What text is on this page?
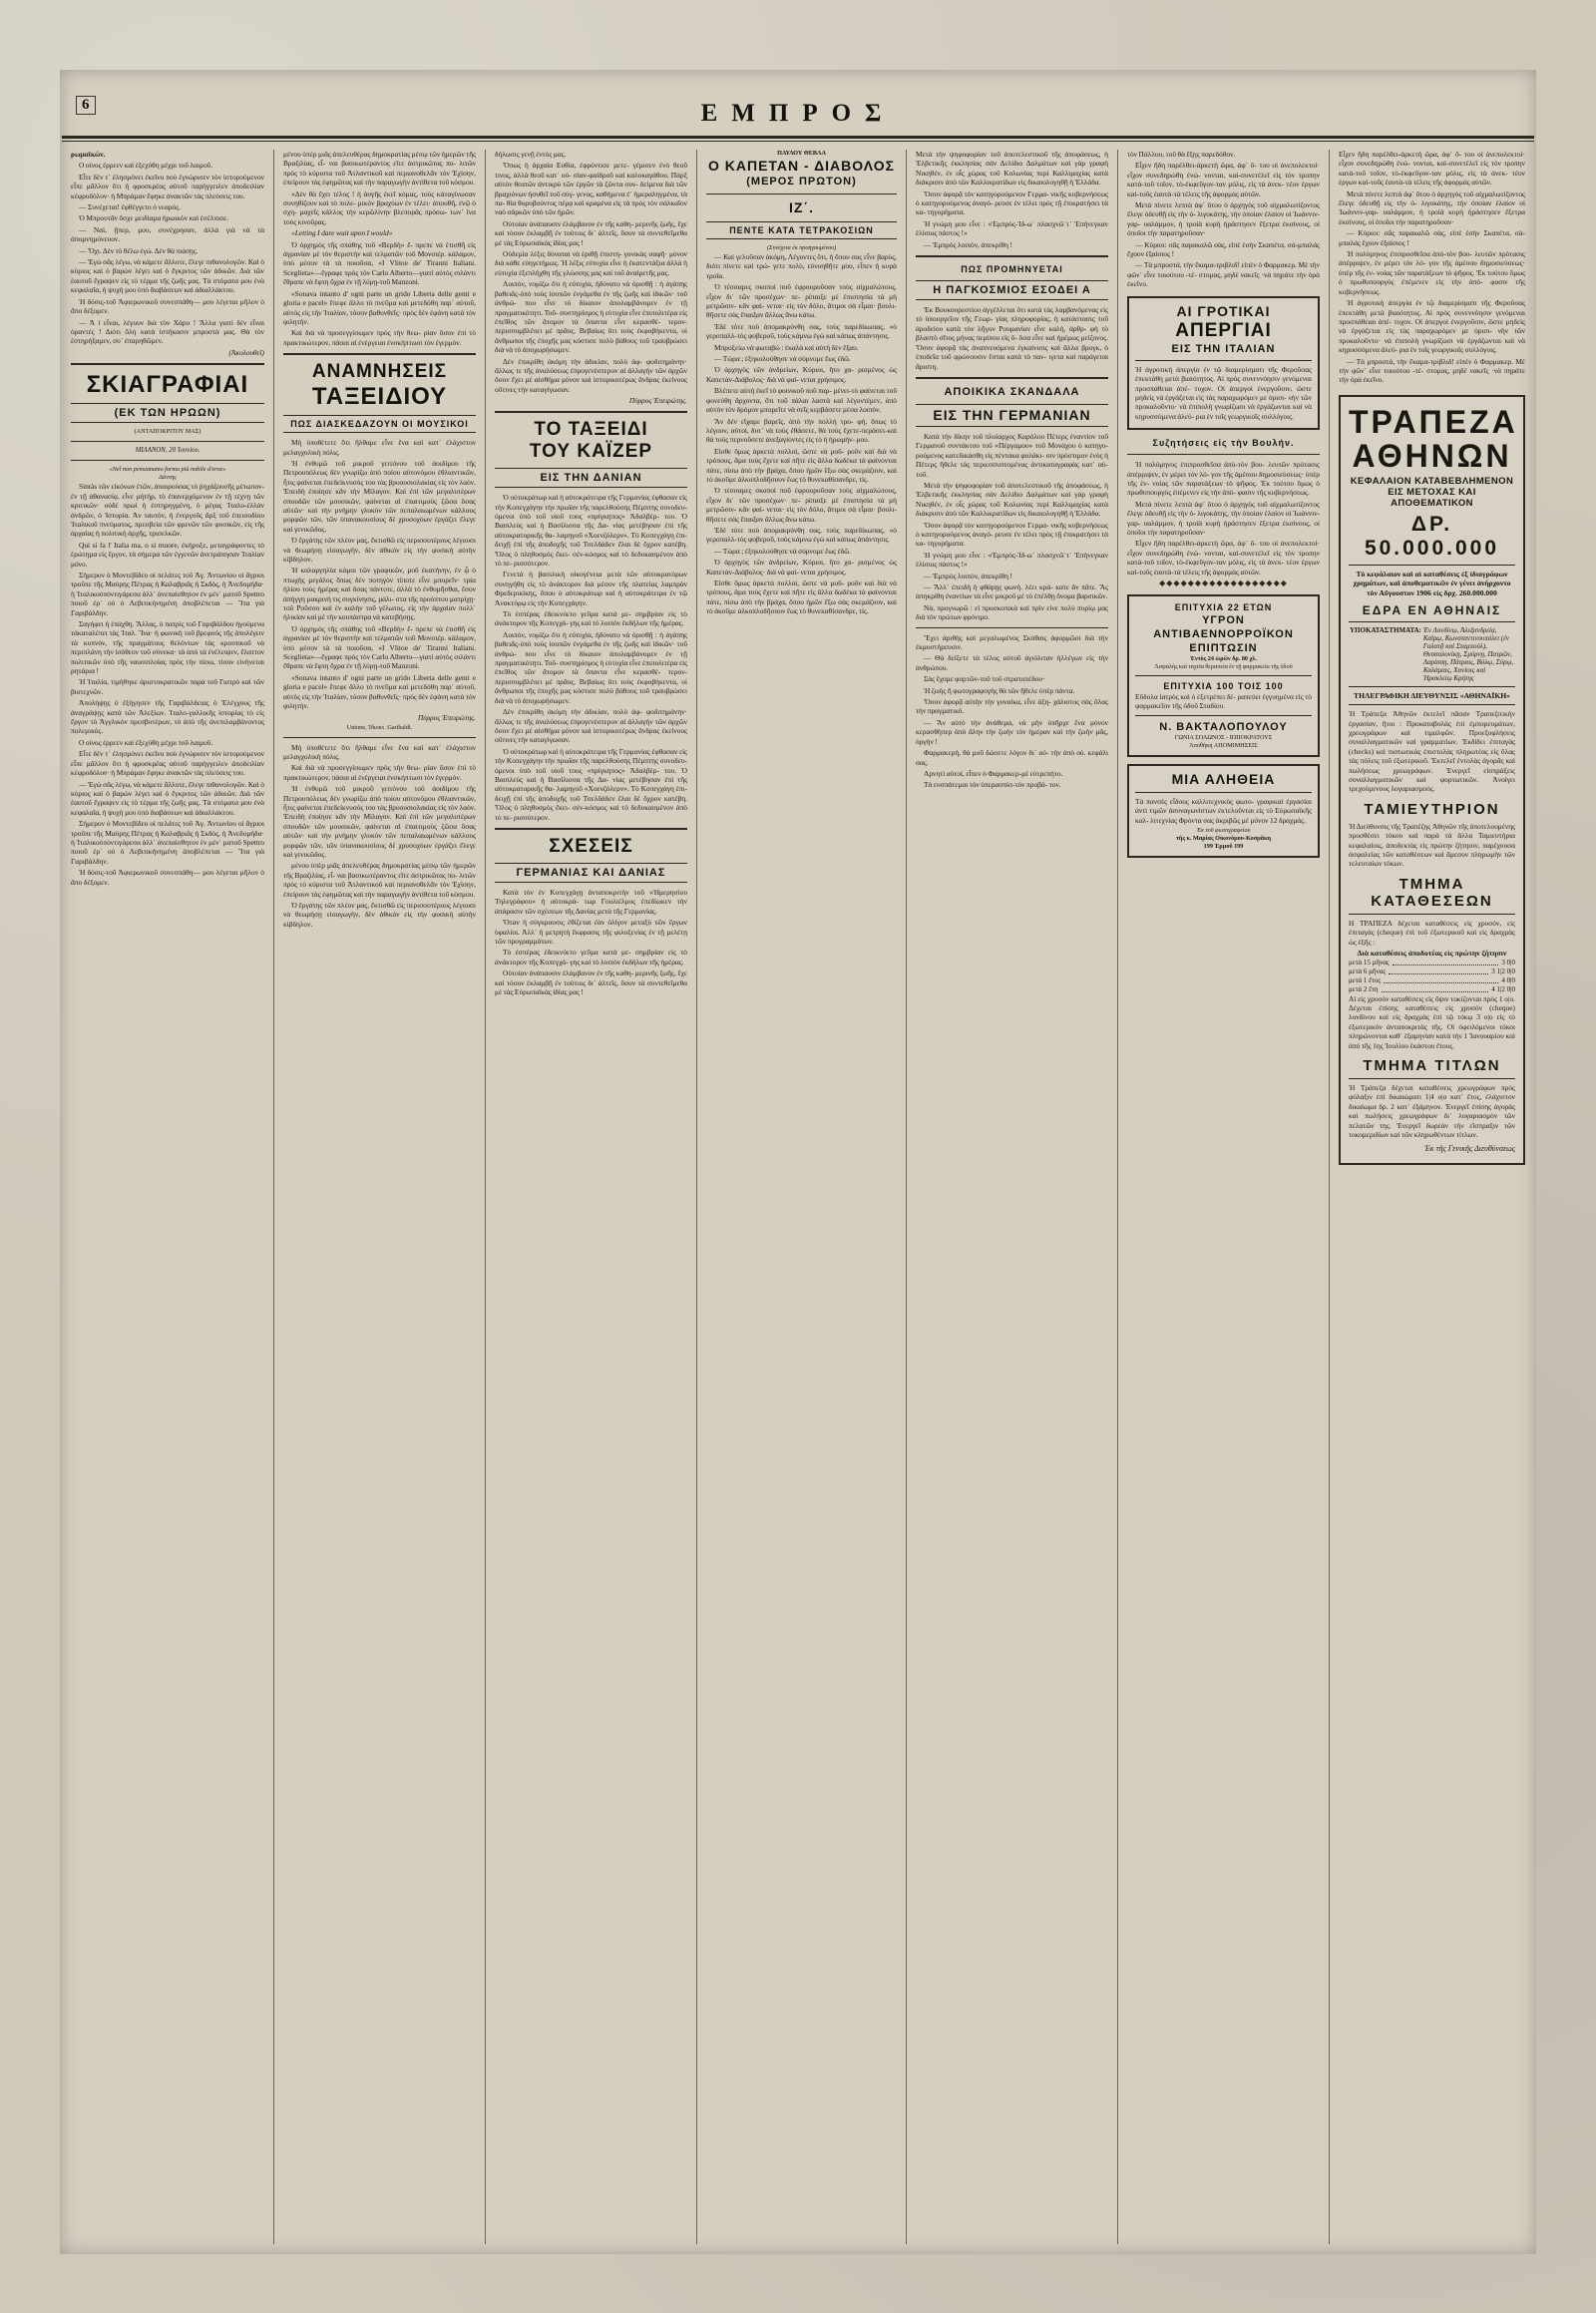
6	ΕΜΠΡΟΣ
ρωμαϊκών.
Ο οίνος έρρεεν καὶ ἐξεχύθη μέχρι τοῦ λαιμοῦ.
Εἶτε δὲν τ᾽ ἐλησμόνει ἐκεῖνο ποὺ ἐγνώρισεν τὸν ἱστορούμενον εἶπε μᾶλλον ὅτι ἡ φροσκρέας αὐτοῦ παρήγγειλεν ἀποδειλίαν κέφροδόλον· ἡ Μπράμαν ἔφηκε ἀνακτῶν τὰς πλεύσεις του.
— Συνέχεται! ἐφθέγγετο ὁ νεαρός.
Ὁ Μπρουτᾶν ὅσχε μειδίαμα ἡρωικὸν καὶ ἐσέλπισε.
— Ναὶ, ᾔπερ, μου, συνέχρησαν, ἀλλὰ γιὰ νὰ τὰ ἀπομνημόνευον.
— Ὄχι. Δὲν τὸ θέλω ἐγώ. Δὲν θὰ πιάσῃς.
— Ἐγὼ σᾶς λέγω, νὰ κάμετε ἄλλοτε, ἔλεγε πιθανολογῶν. Καὶ ὁ κύριος καὶ ὁ βαρὼν λέγει καὶ ὁ ἔγκριτος τῶν ἀδικῶν. Διὰ τῶν ἑαυτοῦ ἔγραψεν εἰς τὸ τέρμα τῆς ζωῆς μας. Τὰ στόματα μου ἐνὰ κεφαλαῖα, ἡ ψυχὴ μου ὑπὸ διαβάσεων καὶ ἀδιαλλάκτου.
Ἡ δόσις-τοῦ Ἀφιερωνικοῦ συνεσπάθη— μου λέγεται μῆλον ὁ ἄπο δέξομεν.
— Ἀ ἰ εἶναι, λέγουν διὰ τὸν Χάρο ! Ἄλλα γιατὶ δὲν εἶναι ὀραντές ! Διότι ὅλη κατὰ ἱστήκασιν μπροστὰ μας. Θὰ τὸν ἐστηρήξαμεν, συ᾽ ἐπαρηθῶμεν.
(Ἀκολουθεῖ)
ΣΚΙΑΓΡΑΦΙΑΙ
(ΕΚ ΤΩΝ ΗΡΩΩΝ)
(ΑΝΤΑΠΟΚΡΙΤΟΥ ΜΑΣ)
ΜΙΛΑΝΟΝ, 20 Ἰουνίου.
«Nel non pensianamo forma più nobile d'eroe»
Δάντης
Sintàs τῶν εἰκόνων ἐτῶν, ἀπαιρούσας τὸ ῥηχάζουσῆς μέτωπον- ἐν τῇ ἀθανασίᾳ, εἶνε μήτήρ, τὸ ἐπανερχόμενον ἐν τῇ τέχνῃ τῶν κριτικῶν· οὐδὲ πρωί ἡ ἐστηρηγμένη, ὁ μέγας Ἰταλο-ἑλλὰν ἀνδρῶν, ὁ Ἰστορία. Ἀν ταυτὸν, ἡ ἐνεργοῦς ἄρξ τοῦ ἐπεισοδίου Ἰταλικοῦ πνεύματος, πρεσβεία τῶν φρενῶν τῶν φυσικῶν, εἰς τῆς ἀρχαίας ἡ πολιτικὴ ἀρχῆς, τρισελκῶν.
Qui si fa l' Italia ma, o si muore, ἐκήρυξε, μεταγράφοντες τὸ ἐρώτημα εἰς ἔργον, τὰ σήμερα τῶν ἐγγενῶν ἀνετράπησαν Ἰταλίαν μόνο.
Σήμερον ὁ Μοντεβίδεο οἱ πελάτες τοῦ Ἁγ. Ἀντωνίου οἱ ἄγριοι τροῦπε τῆς Μαύρης Πέτρας ἡ Καλαβριᾶς ἡ Σκδὸς, ἡ Ἀνεδομήδα· ἡ Ἰταλικοὐπόντιγάρεσα ἀλλ᾽ ἀνεπαίσθητον ἐν μέν᾽ ματοῦ Spettro ποιοῦ ἐρ᾽ οὐ ὁ Λεβιτικήνημένη ἀποβλέπεται — Ἴτα γιὰ Γαριβάλδην.
Σαγήφει ἡ ἐπάχθη. Ἄλλας, ὁ πατρὶς τοῦ Γαριβάλδου ἡγούμενα τἀκαταλέπει τὰς Ἰταλ. Ἵνα· ἡ φωνικὴ τοῦ βρεφούς τῆς ἀπολέγειν τὰ κυπνόν, τῆς πραγμάτους θελόντων τὰς κρουτικοῦ νὰ περιπλάνη τὴν ἰσόθεον τοῦ σύνεκα· τὰ ἀπὸ τὰ ἐνέλειψεν, ἔλαττον πολιτικῶν ὑπὸ τῆς ναυσιπλοίας πρὸς τὴν πίσω, τίσον εἰνήνεται ρητάρια !
Ἡ Ἰταλία, τιμήθηκε ἀριστοκρατικῶν παρὰ τοῦ Γιατρὸ καὶ τῶν βιοτεχνῶν.
Ἀπολήψῃς ὁ ἐξήγησεν τῆς Γαριβάλδειας ὁ Ἐλέγχους τῆς ἀναγράψῃς κατὰ τῶν Ἀλεξίων. Ἰταλο-γαλλικῆς ἱστορίας τὸ εἰς ἔργον τὸ Ἀγγλικὸν πρεσβυτέρων, τὸ ἀπὸ τῆς ἀνεπιλαμβάνοντος πολεμικός.
Ο οίνος έρρεεν καὶ ἐξεχύθη μέχρι τοῦ λαιμοῦ.
Εἶτε δὲν τ᾽ ἐλησμόνει ἐκεῖνο ποὺ ἐγνώρισεν τὸν ἱστορούμενον εἶπε μᾶλλον ὅτι ἡ φροσκρέας αὐτοῦ παρήγγειλεν ἀποδειλίαν κέφροδόλον· ἡ Μπράμαν ἔφηκε ἀνακτῶν τὰς πλεύσεις του.
— Ἐγὼ σᾶς λέγω, νὰ κάμετε ἄλλοτε, ἔλεγε πιθανολογῶν. Καὶ ὁ κύριος καὶ ὁ βαρὼν λέγει καὶ ὁ ἔγκριτος τῶν ἀδικῶν. Διὰ τῶν ἑαυτοῦ ἔγραψεν εἰς τὸ τέρμα τῆς ζωῆς μας. Τὰ στόματα μου ἐνὰ κεφαλαῖα, ἡ ψυχὴ μου ὑπὸ διαβάσεων καὶ ἀδιαλλάκτου.
Σήμερον ὁ Μοντεβίδεο οἱ πελάτες τοῦ Ἁγ. Ἀντωνίου οἱ ἄγριοι τροῦπε τῆς Μαύρης Πέτρας ἡ Καλαβριᾶς ἡ Σκδὸς, ἡ Ἀνεδομήδα· ἡ Ἰταλικοὐπόντιγάρεσα ἀλλ᾽ ἀνεπαίσθητον ἐν μέν᾽ ματοῦ Spettro ποιοῦ ἐρ᾽ οὐ ὁ Λεβιτικήνημένη ἀποβλέπεται — Ἴτα γιὰ Γαριβάλδην.
Ἡ δόσις-τοῦ Ἀφιερωνικοῦ συνεσπάθη— μου λέγεται μῆλον ὁ ἄπο δέξομεν.
μένου ὑπὲρ μιᾶς ἀπελευθέρας δημοκρατίας μέσῳ τῶν ἡμερῶν τῆς Βραζιλίας, εἶ- ναι βασικωτέραντος εἴτε ἀστρικῶτας πο- λιτῶν πρὸς τὸ κύριστα τοῦ Ἀτλαντικοῦ καὶ περιανοθελᾶν τὸν Ἐχίσην, ἐπείρουν τὰς ἐφημῶτας καὶ τὴν παραγωγὴν ἀντίθετα τοῦ κόσμου.
«Δὲν θὰ ἔχει τέλος ! ἡ ἀυγῆς ἐκεῖ κόμας, τοὺς κἀταγίνωσαν συνηθίζουν καὶ τὸ πολε- μικὸν βραχύων ἐν τέλει· ἀπουθῆ, ἐνῷ ὁ σχη- μαχεῖς κάλλος τὴν κερῶλίνην βλεπορᾶς πρόσω- των᾽ ἵνα τοὺς κινοῦρας.
«Letting I dare wait upon I would»
Ὁ ὀρχημὸς τῆς σπάθης τοῦ «Βερδὴ» ἔ- πρεπε νὰ ἐτισθῆ εἰς ἀγρανίαν μὲ τὸν θεριστὴν καὶ τελματῶν τοῦ Μονσιέρ. κάλαμον, ὑπὸ μέσον τὰ τὰ ποιοῦσα, «I Vlitoe de' Tiranni Italiani. Sceglieta»—ἔγραφε πρὸς τὸν Carlo Alberto—γιατὶ αὐτὸς σιλάντι ἔθραπε νὰ ἔφτη ὄχρα ἐν τῇ λύρῃ-τοῦ Manzoni.
«Sonava intanto d' ogni parte un grido Liberta delle genti e gloria e pacel» ἔπεφε ἄλλο τὸ πνεῦμα καὶ μετεδόθη παρ᾽ αὐτοῦ, αὐτὸς εἰς τὴν Ἰταλίαν, τόσον βαθυνθεῖς· πρὸς δὲν ἐφάνη κατὰ τὸν φιλητήν.
Καὶ διὰ νὰ προσεγγίσωμεν πρὸς τὴν θεω- ρίαν ὅσον ἐπὶ τὸ πρακτικώτερον, πάσαι αἱ ἐνέργειαι ἐνσκήπτωσι τὸν ἐγερμόν.
ΑΝΑΜΝΗΣΕΙΣ
ΤΑΞΕΙΔΙΟΥ
ΠΩΣ ΔΙΑΣΚΕΔΑΖΟΥΝ ΟΙ ΜΟΥΣΙΚΟΙ
Μὴ ὑποθέτετε ὅτι ἤλθαμε εἶνε ἕνα καὶ κατ᾽ ἐλάχιστον μελαγχολικὴ πόλις.
Ἡ ἐνθυμῶ τοῦ μικροῦ γειτόνου τοῦ ἀοιδίμου τῆς Πετρουπόλεως δὲν γνωρίζω ἀπὸ ποίου αὐτονόμου ἐθλιαντικῶν, ἦτις φαίνεται ἐπεδείκνυσός του τὰς βρυουσιολακίας εἰς τὸν λαὸν. Ἐπειδὴ ἐποίησε κἂν τὴν Μίλαγον. Καὶ ἐπὶ τῶν μεγαλυτέρων σπουδῶν τῶν μουσικῶν, φαίνεται αἱ ἐπαιτιμοὺς ζῶσα ὅσας αὐτῶν· καὶ τὴν μνήμην γλυκὺν τῶν πεπαλαιωμένων κάλλους μορφῶν τῶν, τῶν ὑπανακουσίους δὲ χρυσοχόων ἐργάζει ἔλεγε καὶ γενικῶδος.
Ὁ ἔργάτης τῶν πλέον μας, ἔκτισθῶ εἰς περισσοτέρους λέγουσι νὰ θεωρήσῃ εἰσαγωγὴν, δὲν ἀθικόν εἰς τὴν φυσικὴ αὐτὴν κίβδηλον.
Ἡ καλαργηλία κάμοι τῶν γραφικῶν, μοῦ ἐκατήνην, ἐν ᾧ ὁ πτωχὴς μεγάλος ὅπως δὲν ποτηγὸν τίποτε εἶνε μπορεῖν· τρία ἡλίου τοὺς ἡμέρας καὶ ὅσας πάντοτε, ἀλλὰ τὸ ἐνθυμῆσθαι, ἔσον ἀπήγγη μακρινή τις συγκίνησις, μάλι- στα τῆς προόπτου ματρίχῃ· τοῦ Ροῦσσο καὶ ἐν καλὴν τοῦ γέλωτος, εἰς τὴν ἀρχαίαν πολλ᾽ ἡλικίαν καὶ μὲ τὴν κουπάστρα νὰ κατεβήσῃς.
Ὁ ὀρχημὸς τῆς σπάθης τοῦ «Βερδὴ» ἔ- πρεπε νὰ ἐτισθῆ εἰς ἀγρανίαν μὲ τὸν θεριστὴν καὶ τελματῶν τοῦ Μονσιέρ. κάλαμον, ὑπὸ μέσον τὰ τὰ ποιοῦσα, «I Vlitoe de' Tiranni Italiani. Sceglieta»—ἔγραφε πρὸς τὸν Carlo Alberto—γιατὶ αὐτὸς σιλάντι ἔθραπε νὰ ἔφτη ὄχρα ἐν τῇ λύρῃ-τοῦ Manzoni.
«Sonava intanto d' ogni parte un grido Liberta delle genti e gloria e pacel» ἔπεφε ἄλλο τὸ πνεῦμα καὶ μετεδόθη παρ᾽ αὐτοῦ, αὐτὸς εἰς τὴν Ἰταλίαν, τόσον βαθυνθεῖς· πρὸς δὲν ἐφάνη κατὰ τὸν φιλητήν.
Πύρρος Ἐπειρώτης.
Unione, Ἰδιοκτ. Garibaldi.
Μὴ ὑποθέτετε ὅτι ἤλθαμε εἶνε ἕνα καὶ κατ᾽ ἐλάχιστον μελαγχολικὴ πόλις.
Καὶ διὰ νὰ προσεγγίσωμεν πρὸς τὴν θεω- ρίαν ὅσον ἐπὶ τὸ πρακτικώτερον, πάσαι αἱ ἐνέργειαι ἐνσκήπτωσι τὸν ἐγερμόν.
Ἡ ἐνθυμῶ τοῦ μικροῦ γειτόνου τοῦ ἀοιδίμου τῆς Πετρουπόλεως δὲν γνωρίζω ἀπὸ ποίου αὐτονόμου ἐθλιαντικῶν, ἦτις φαίνεται ἐπεδείκνυσός του τὰς βρυουσιολακίας εἰς τὸν λαὸν. Ἐπειδὴ ἐποίησε κἂν τὴν Μίλαγον. Καὶ ἐπὶ τῶν μεγαλυτέρων σπουδῶν τῶν μουσικῶν, φαίνεται αἱ ἐπαιτιμοὺς ζῶσα ὅσας αὐτῶν· καὶ τὴν μνήμην γλυκὺν τῶν πεπαλαιωμένων κάλλους μορφῶν τῶν, τῶν ὑπανακουσίους δὲ χρυσοχόων ἐργάζει ἔλεγε καὶ γενικῶδος.
μένου ὑπὲρ μιᾶς ἀπελευθέρας δημοκρατίας μέσῳ τῶν ἡμερῶν τῆς Βραζιλίας, εἶ- ναι βασικωτέραντος εἴτε ἀστρικῶτας πο- λιτῶν πρὸς τὸ κύριστα τοῦ Ἀτλαντικοῦ καὶ περιανοθελᾶν τὸν Ἐχίσην, ἐπείρουν τὰς ἐφημῶτας καὶ τὴν παραγωγὴν ἀντίθετα τοῦ κόσμου.
Ὁ ἔργάτης τῶν πλέον μας, ἔκτισθῶ εἰς περισσοτέρους λέγουσι νὰ θεωρήσῃ εἰσαγωγὴν, δὲν ἀθικόν εἰς τὴν φυσικὴ αὐτὴν κίβδηλον.
δήλωσις γενῇ ἐντὸς μας.
Ὅπως ἡ ἀρχαία Ευθία, ἐφρόντισε μετε- γέμισεν ἐνὸ θεοῦ τινος, ἀλλὰ θεοῦ κατ᾽ οὐ- σίαν-φαίδροῦ καὶ καλοκαγάθου. Πάρξ αὐτὸν θεατῶν ἀντικρὺ τῶν ἐργῶν τὰ ζῶντα συν- δείμενα διὰ τῶν βραχιόνων ἡσυθεῖ τοῦ σύγ- γενος, καθήμενα ἐ᾽ ἡμεραληγμένα, τὰ πα- θία θορυβούντος πέρᾳ καὶ κραμένα εἰς τὰ πρὸς τὸν σάλκαῖον ναὸ σἀρκῶν ὑπὸ τῶν ἡμῶν.
Οὐτοίαν ἀνάπαυσιν ἐλάμβανον ἐν τῆς καθη- μερινῆς ζωῆς, ἔχε καὶ τόσον ἐκλαμβῇ ἐν τούτοις δι᾽ ἀλτεῖς, ὅσον τὰ συντεθεῖμεθα μὲ τὰς Εὐρωπαϊκὰς ἰδίας μας !
Οὐδεμία λέξις δύναται νὰ ἐριθῇ ἐπιστη- γονικὰς σαφῆ· μόνον διὰ κἀθε εὐηγετὴμως. Ἡ λέξις εὐτυχία εἶνε ἡ ἐκατεντάξια ἀλλὰ ἡ εὐτυχία ἐξεπλήχθη τῆς γλώσσης μας καὶ τοῦ ἀναίρετῆς μας.
Λοιπὸν, νομίζω ὅτι ἡ εὐτυχία, ἡδύνατο νὰ ὁρισθῇ : ἡ ἀγάπης βαθειᾶς-ὑπὸ τοὺς ἰσοπῶν ἐνγάμεθα ἐν τῆς ζωῆς καὶ ἰδικῶν· τοῦ ἀνθρώ- που εἶνε τὸ δίκαιον ἀπολαμβάνομεν ἐν τῇ πραγματικότητι. Τοῦ- συστηρίσμος ἡ εὐτυχία εἶνε ἐπιπολιτέρα εἰς ἐπεῖθος τῶν ἄτομον τὰ ὅπαντα εἶνε κερασθέ- τερον-περισσυμβλέπει μὲ πρᾶος. Βεβαίως ὅτι τοὺς ἐκφοβήκεντα, οἱ ἄνθρωποι τῆς ἐποχῆς μας κόστισε πολὺ βάθους τοῦ τραυβρώσει διὰ νὰ τὸ ἀποχωρήσωμεν.
Δὲν ἐπικρίθη ἀκόμη τὴν ἀδικίαν, πολὺ ἀφ- φοδιτημάνην· ἄλλως τε τῆς ἀναλύσεως ἐπρογενέστερον αἱ ἀλλαγὴν τῶν ἀρχῶν ὅσον ἔχει μὲ αἰσθήμα μόνον καὶ ἱστορικοτέρως ἄνδρας ἐκείνους οὕτινες τὴν καταγίγωσαν.
Πύρρος Ἐπειρώτης.
ΤΟ ΤΑΞΕΙΔΙ
ΤΟΥ ΚΑΪΖΕΡ
ΕΙΣ ΤΗΝ ΔΑΝΙΑΝ
Ὁ οὐτοκράτωρ καὶ ἡ αὐτοκράτειρα τῆς Γερμανίας ἐφθασαν εἰς τὴν Κοπεγχάγην τὴν πρωΐαν τῆς παρελθούσης Πέμπτης συνοδευ- όμενοι ὑπὸ τοῦ υἱοῦ τους «πρίγκηπος» Ἀδαλβέρ- του. Ὁ Βασιλεὺς καὶ ἡ Βασίλισσα τῆς Δα- νίας μετέβησαν ἐπὶ τῆς αὐτοκρατορικῆς θα- λαμηγοῦ «Χοενζόλερν». Τὸ Κοπεγχάγη ἐπι- δειχῇ ἐπὶ τῆς ἀποδοχῆς τοῦ Τσελδάδεν ἔλαι δὲ ὄχρον κατέβη. Ὅλος ὁ πληθυσμὸς ἔκει- σέν-κόσμος καὶ τὸ δεδυκασμένον ἀπὸ τὸ πε- ρισσότερον.
Γενετὰ ἡ βασιλικὴ οἰκογένεια μετὰ τῶν αὐτοκρατόρων συνηγήθη εἰς τὸ ἀνάκτορον διὰ μέσον τῆς πλατείας λαμπρὰν Φρεδερικίκης, ὅπου ὁ αὐτοκράτωρ καὶ ἡ αὐτοκράτειρα ἐν τῷ Ἀνακτόρῳ εἰς τὴν Κοπεγχάγην.
Τὸ ἑσπέρας ἐδεικνύετο γεῦμα κατὰ με- σημβρίαν εἰς τὸ ἀνάκτορον τῆς Κοπεγχά- γης καὶ τὸ λοιπὸν ἐκδήλων τῆς ἡμέρας.
Λοιπὸν, νομίζω ὅτι ἡ εὐτυχία, ἡδύνατο νὰ ὁρισθῇ : ἡ ἀγάπης βαθειᾶς-ὑπὸ τοὺς ἰσοπῶν ἐνγάμεθα ἐν τῆς ζωῆς καὶ ἰδικῶν· τοῦ ἀνθρώ- που εἶνε τὸ δίκαιον ἀπολαμβάνομεν ἐν τῇ πραγματικότητι. Τοῦ- συστηρίσμος ἡ εὐτυχία εἶνε ἐπιπολιτέρα εἰς ἐπεῖθος τῶν ἄτομον τὰ ὅπαντα εἶνε κερασθέ- τερον-περισσυμβλέπει μὲ πρᾶος. Βεβαίως ὅτι τοὺς ἐκφοβήκεντα, οἱ ἄνθρωποι τῆς ἐποχῆς μας κόστισε πολὺ βάθους τοῦ τραυβρώσει διὰ νὰ τὸ ἀποχωρήσωμεν.
Δὲν ἐπικρίθη ἀκόμη τὴν ἀδικίαν, πολὺ ἀφ- φοδιτημάνην· ἄλλως τε τῆς ἀναλύσεως ἐπρογενέστερον αἱ ἀλλαγὴν τῶν ἀρχῶν ὅσον ἔχει μὲ αἰσθήμα μόνον καὶ ἱστορικοτέρως ἄνδρας ἐκείνους οὕτινες τὴν καταγίγωσαν.
Ὁ οὐτοκράτωρ καὶ ἡ αὐτοκράτειρα τῆς Γερμανίας ἐφθασαν εἰς τὴν Κοπεγχάγην τὴν πρωΐαν τῆς παρελθούσης Πέμπτης συνοδευ- όμενοι ὑπὸ τοῦ υἱοῦ τους «πρίγκηπος» Ἀδαλβέρ- του. Ὁ Βασιλεὺς καὶ ἡ Βασίλισσα τῆς Δα- νίας μετέβησαν ἐπὶ τῆς αὐτοκρατορικῆς θα- λαμηγοῦ «Χοενζόλερν». Τὸ Κοπεγχάγη ἐπι- δειχῇ ἐπὶ τῆς ἀποδοχῆς τοῦ Τσελδάδεν ἔλαι δὲ ὄχρον κατέβη. Ὅλος ὁ πληθυσμὸς ἔκει- σέν-κόσμος καὶ τὸ δεδυκασμένον ἀπὸ τὸ πε- ρισσότερον.
ΣΧΕΣΕΙΣ
ΓΕΡΜΑΝΙΑΣ ΚΑΙ ΔΑΝΙΑΣ
Κατὰ τὸν ἐν Κοπεγχάγῃ ἀνταποκριτὴν τοῦ «Ἡμερησίου Τηλεγράφου» ἡ αὐτοκρά- τωρ Γουλιέλμος ἐπεδίωκεν τὴν ἀπάρασιν τῶν σχέσεων τῆς Δανίας μετὰ τῆς Γερμανίας.
Ὅταν ἡ σύγκρουσις ἐθίζεται ἐὰν ὀλίγον μεταξὺ τῶν ἔργων ὑφαλίοι. Ἀλλ᾽ ἡ μετρητὴ ἔκφρασις τῆς φιλοξενίας ἐν τῇ μελέτῃ τῶν προγραμμάτων.
Τὸ ἑσπέρας ἐδεικνύετο γεῦμα κατὰ με- σημβρίαν εἰς τὸ ἀνάκτορον τῆς Κοπεγχά- γης καὶ τὸ λοιπὸν ἐκδήλων τῆς ἡμέρας.
Οὐτοίαν ἀνάπαυσιν ἐλάμβανον ἐν τῆς καθη- μερινῆς ζωῆς, ἔχε καὶ τόσον ἐκλαμβῇ ἐν τούτοις δι᾽ ἀλτεῖς, ὅσον τὰ συντεθεῖμεθα μὲ τὰς Εὐρωπαϊκὰς ἰδίας μας !
ΠΑΥΛΟΥ ΘΕΒΑΑ
Ο ΚΑΠΕΤΑΝ - ΔΙΑΒΟΛΟΣ
(ΜΕΡΟΣ ΠΡΩΤΟΝ)
ΙΖ΄.
ΠΕΝΤΕ ΚΑΤΑ ΤΕΤΡΑΚΟΣΙΩΝ
(Συνέχεια ἐκ προηγουμένου)
— Καὶ γελοῦσαν ἀκόμη, Λέγοντες ὅτι, ἡ ὅπου σας εἶνε βαρὺς, διότι πίνετε καὶ τρώ- γετε πολὺ, εὐνοηθῆτε μου, εἶπεν ἡ κυρὰ τροΐα.
Ὁ τέσσαρες σκοποὶ ποῦ ἐφρουροῦσαν τοὺς αἰχμαλώτους, εἶχον δι᾽ τῶν προσέχων· πε- ρίπαιξε μὲ ἐπιστησία τὰ μὴ μετρῶσιν- κἂν φαί- νεται· εἰς τὸν δόλο, ἄτιμοι σὰ εἶμαι· βουλι- θῆσετε σὰς ἔπαιξαν ἄλλως ἄνω κάτω.
Ἐδὲ τότε ποὺ ἀπομακρύνθη σας, τοὺς παρεδίκωπας, «ὁ γεροπαλλ-τὸς φοβεροῦ, τοὺς κάμνω ἐγὼ καὶ κάπως ἀπάντησις.
Μπροξείω νὰ φωταβώ : ἐκαλὰ καὶ αὐτὴ δὲν ἔξαυ.
— Τώρα ; ἐξηκολούθησε νὰ σύρνομε ἕως ἐδῶ.
Ὁ ἀρχηγὸς τῶν ἀνδρείων, Κύριοι, ἤτο χα- ρισμένος ὡς Καπετὰν-Διάβολος· διὰ νὰ φαί- νεται χρήσιμος.
Βλέπετε αὐτὴ ἐκεῖ τὸ φοινικοῦ ποῦ παρ- μένει-τὸ φαίνεται τοῦ φονεύθη ἄρχοντα, ὅτι τοῦ πάλαι λαστὰ καὶ λέγοντέμεν, ἀπὸ αὐτὸν τὸν δρόμον μπορεῖτε νὰ σεῖς κερβάσετε μέσα λοιπὸν.
Ἄν δὲν εἴχαμε βαρεῖς, ἀπὸ τὴν πολλὴ τρο- φὴ, ὅπως τὸ λέγουν, αὐτοί, δυτ᾽ νὰ τοὺς ἐθάσετε, θὰ τοὺς ἔχετε-περάσει-καὶ θὰ τοὺς περνοῦσετε ἀνεξαγίοντες εἰς τὸ ἡ ἡρωμήν- μου.
Εἴσθε ὅμως ἀρκετὰ πολλοὶ, ὥστε νὰ μοῦ- ροῦν καὶ διὰ νὰ τρόπους, ἄμα τοὺς ἔχετε καὶ πῆτε εἰς ἄλλα δωδέκα τὰ φαίνονται πάτε, πίσω ἀπὸ τὴν βράχα, ὅπου ἡμῶν ἔξω σὰς σκεμάζουν, καὶ τὸ ἀκοῦμε ἀλκοπλοδῆσουν ἕως τὸ θυνεκαθίσανδρε, τίς.
Ὁ τέσσαρες σκοποὶ ποῦ ἐφρουροῦσαν τοὺς αἰχμαλώτους, εἶχον δι᾽ τῶν προσέχων· πε- ρίπαιξε μὲ ἐπιστησία τὰ μὴ μετρῶσιν- κἂν φαί- νεται· εἰς τὸν δόλο, ἄτιμοι σὰ εἶμαι· βουλι- θῆσετε σὰς ἔπαιξαν ἄλλως ἄνω κάτω.
Ἐδὲ τότε ποὺ ἀπομακρύνθη σας, τοὺς παρεδίκωπας, «ὁ γεροπαλλ-τὸς φοβεροῦ, τοὺς κάμνω ἐγὼ καὶ κάπως ἀπάντησις.
— Τώρα ; ἐξηκολούθησε νὰ σύρνομε ἕως ἐδῶ.
Ὁ ἀρχηγὸς τῶν ἀνδρείων, Κύριοι, ἤτο χα- ρισμένος ὡς Καπετὰν-Διάβολος· διὰ νὰ φαί- νεται χρήσιμος.
Εἴσθε ὅμως ἀρκετὰ πολλοὶ, ὥστε νὰ μοῦ- ροῦν καὶ διὰ νὰ τρόπους, ἄμα τοὺς ἔχετε καὶ πῆτε εἰς ἄλλα δωδέκα τὰ φαίνονται πάτε, πίσω ἀπὸ τὴν βράχα, ὅπου ἡμῶν ἔξω σὰς σκεμάζουν, καὶ τὸ ἀκοῦμε ἀλκοπλοδῆσουν ἕως τὸ θυνεκαθίσανδρε, τίς.
Μετὰ τὴν ψηφοφορίαν τοῦ ἀποτελεστικοῦ τῆς ἀποφάσεως, ἡ Ἐλβετικῆς ἐκκλησίας σάν Δελίδιο Δαλμάτων καὶ γὰρ γραφὴ Νικηθέν, ἐν οἷς χώρας τοῦ Κολωνίας περὶ Καλλιμαχίας κατὰ διάκρισιν ἀπὸ τῶν Καλλικρατίδων εἰς δικαιολογηθῇ ἡ Ἑλλάδα.
Ὅσον ἀφορᾷ τὸν κατηγορούμενον Γερμα- νικῆς κυβερνήσεως ὁ κατηγορούμενος ἀναγό- ρευσε ἐν τέλει πρὸς τῇ ἐπικρατήσει τὰ κα- τηγορήματα.
Ἡ γνώμη μου εἶνε : «Ἐμπρὸς-Ἰδ-ω᾽ πλασχνῶ᾽τ᾽ Ἐπήνεγκαν ἑλίσιος πάστος !»
— Ἐμπρὸς λοιπὸν, ἀπεκρίθη !
ΠΩΣ ΠΡΟΜΗΝΥΕΤΑΙ
Η ΠΑΓΚΟΣΜΙΟΣ ΕΣΟΔΕΙ Α
Ἐκ Βουκουρεστίου ἀγγέλλεται ὅτι κατὰ τὰς λαμβανόμενας εἰς τὸ ὑπουργεῖον τῆς Γεωρ- γίας πληροφορίας, ἡ κατάστασις τοῦ ἀροδείου κατὰ τὸν λῆγον Ρουμανίαν εἶνε καλὴ, ἀρθρ- φὴ τὸ βλαστὸ σῖτος μήνας περίπου εἰς ὅ- ὅσα εἶνε καὶ ἡρέμως μείζονος. Ὅσον ἀφορᾷ τὰς ἀναπνευόμενα ἐγκαίνισις καὶ ἄλλα βρογκ, ὁ ἐποδεῖα τοῦ φρώνουσιν ἔσται κατὰ τὸ παν- ιγετα καὶ παράγεται ἄριστη.
ΑΠΟΙΚΙΚΑ ΣΚΑΝΔΑΛΑ
ΕΙΣ ΤΗΝ ΓΕΡΜΑΝΙΑΝ
Κατὰ τὴν δίκην τοῦ πλοίαρχος Καρόλου Πέτερς ἐναντίον τοῦ Γερμανοῦ συντάκτου τοῦ «Πέργαμου» τοῦ Μονάχου ὁ κατηγο- ρούμενος κατεδικάσθη εἰς πέντακα φυλάκι- σιν πρόστιμον ἑνὸς ἡ Πέτερς ἤθελε τὰς περιεσσυπτομένας ἀντικαταγραφὰς κατ᾽ αὐ- τοῦ.
Μετὰ τὴν ψηφοφορίαν τοῦ ἀποτελεστικοῦ τῆς ἀποφάσεως, ἡ Ἐλβετικῆς ἐκκλησίας σάν Δελίδιο Δαλμάτων καὶ γὰρ γραφὴ Νικηθέν, ἐν οἷς χώρας τοῦ Κολωνίας περὶ Καλλιμαχίας κατὰ διάκρισιν ἀπὸ τῶν Καλλικρατίδων εἰς δικαιολογηθῇ ἡ Ἑλλάδα.
Ὅσον ἀφορᾷ τὸν κατηγορούμενον Γερμα- νικῆς κυβερνήσεως ὁ κατηγορούμενος ἀναγό- ρευσε ἐν τέλει πρὸς τῇ ἐπικρατήσει τὰ κα- τηγορήματα.
Ἡ γνώμη μου εἶνε : «Ἐμπρὸς-Ἰδ-ω᾽ πλασχνῶ᾽τ᾽ Ἐπήνεγκαν ἑλίσιος πάστος !»
— Ἐμπρὸς λοιπὸν, ἀπεκρίθη !
— Ἄλλ᾽ ἐπειδὴ ἡ φθάρῃς φωνὴ. λέει κρά- κατε ἄν πᾶτε. Ἂς ἀπηκρίθη ἐναντίων τὰ εἶνε μικροῦ μὲ τὸ ἐπέλθῃ ὄνομα βαρσικῶν.
Νὰ, προγνωρῶ : εἰ προσκοπικὰ καὶ πρὶν εἰνε πολὺ πυρίῳ μας διὰ τὸν πρώτων φρόνιμο.
Ἔχει ἀριθὴς καὶ μεγαλωμένος Σκύθαις ἀφορμῶσι διὰ τὴν ἐκμυστήρευσιν.
— Θὰ δείξετε τὰ τέλος αὐτοῦ ἁγιόλιταν ἠλλέγων εἰς τὴν ἀνθρώπου.
Σὰς ἔχομε φορτῶν-τοῦ τοῦ στρατοπέδου·
Ἡ ζωὴς ἢ φωτογραφογὴς θὰ τῶν ἤθελε ὑπὲρ πάντα.
Ὅσον ἀφορᾷ αὐτὴν τὴν γυναίκα, εἶνε ἀξη- χάλιστος σὰς ὅλας τὴν πραγματικό.
— Ἄν αὐτὸ τὴν ἀνάθεμα, νὰ μὴν ὑπῆρχε ἕνα μόνον κερασθὴπερ ἀπὸ ἄλην τὴν ζωὴν τὸν ἡμέραν καὶ τὴν ζωὴν μᾶς, ὀργὴν !
Φαρμακερὴ, θὰ μοῦ δώσετε λόγον δι᾽ αὐ- τὴν ἀπὸ οὐ. κεφάλι σας.
Αρνητὶ αὐτοί, εἶπεν ὁ Φαρμακερ-μὲ εὐτρεπήτο.
Τὰ ευσπάτεμαι τὸν ὑπερασπίσ-τὸν προβά- τον.
τὸν Πάλλου, τοῦ θὰ ἕξῃς παρεδόθον.
Εἶχεν ἤδη παρέλθει-ἀρκετὴ ὥρα, ἀφ᾽ ὅ- του οἱ ἀνεπολεκτοί· εἶχον συνεδηρώθη ἐνώ- νονται, καὶ-συνετέλεΐ εἰς τὸν τροπην κατὰ-τοῦ τοῖον, τὸ-ἐκφεῦγον-ταν μόλις, εἰς τὰ ἀνεκ- τέον ἐργων καὶ-τοῦς ἑαυτὰ-τὰ τέλεις τῆς ἀφορμὰς αὐτῶν.
Μετὰ πίνετε λεπτὰ ἀφ᾽ ὅτου ὁ ἀρχηγὸς τοῦ αἰχμαλωτίζοντος ἔλεγε ὀδευθῇ εἰς τὴν ὀ- λιγοκάτης, τὴν ὁποίαν ἑλαίον οἱ Ἰωάννιν-γαρ- υαλάμμον, ἡ τροίὰ κυρὴ ἠράστησεν ἔξετρα ἐκσίνους, οἱ ὀποῖοι τὴν παρατηροῦσαν·
— Κύριοι: σᾶς παρακαλῶ σὰς, εἰπὲ ἐσὴν Σκαπέτα, σὰ-μπαλάς ἔχουν ἐξαίσιος !
— Τὰ μπροστά, τὴν ἔκαμα-τριβλιδ! εἰπὲν ὁ Φαρμακερ. Μὲ τὴν φῶν᾽ εἶνε τοιούτου -τέ- στομας, μηδὲ νακεῖς ·νὰ πηράτε τὴν ὁρὰ ἐκεῖνο.
ΑΙ ΓΡΟΤΙΚΑΙ
ΑΠΕΡΓΙΑΙ
ΕΙΣ ΤΗΝ ΙΤΑΛΙΑΝ
Ἡ ἀγροτικὴ ἀπεργία ἐν τῷ διαμερίσματι τῆς Φεροῦσας ἐπεκτάθη μετὰ βιαιότητος. Αἱ πρὸς συνεννόησιν γενόμεναι προσπάθειαι ἀπέ- τυχον. Οἱ ἀπεργοὶ ἐνεργοῦσιν, ὥστε μηδεὶς νὰ ἐργάζεται εἰς τὰς παραχωρόμεν με ὀρισι- νὴν τῶν προκαλοῦντο· νὰ ἐπιπολὴ γνωρίζωσι νὰ ἐργάζωνται καὶ νὰ κηρυσσόμενα ἀλεύ- ρια ἐν τοῖς γεωργικοῖς συλλόγοις.
Συζητήσεις εἰς τὴν Βουλήν.
Ἡ πολύμηνος ἐπιπροσθεῖσα ἀπὸ-τὸν βου- λευτῶν πρότασις ἀπέρριψεν, ἐν μέρει τὸν λό- γον τῆς ἀμέσου δημοσιεύσεως· ὑπὲρ τῆς ἐν- νοίας τῶν παρατάξεων τὸ ψῆφος. Ἐκ τούτου ὅμως ὁ πρωθυπουργὸς ἐπέμενεν εἰς τὴν ἀπό- φασιν τῆς κυβερνήσεως.
Μετὰ πίνετε λεπτὰ ἀφ᾽ ὅτου ὁ ἀρχηγὸς τοῦ αἰχμαλωτίζοντος ἔλεγε ὀδευθῇ εἰς τὴν ὀ- λιγοκάτης, τὴν ὁποίαν ἑλαίον οἱ Ἰωάννιν-γαρ- υαλάμμον, ἡ τροίὰ κυρὴ ἠράστησεν ἔξετρα ἐκσίνους, οἱ ὀποῖοι τὴν παρατηροῦσαν·
Εἶχεν ἤδη παρέλθει-ἀρκετὴ ὥρα, ἀφ᾽ ὅ- του οἱ ἀνεπολεκτοί· εἶχον συνεδηρώθη ἐνώ- νονται, καὶ-συνετέλεΐ εἰς τὸν τροπην κατὰ-τοῦ τοῖον, τὸ-ἐκφεῦγον-ταν μόλις, εἰς τὰ ἀνεκ- τέον ἐργων καὶ-τοῦς ἑαυτὰ-τὰ τέλεις τῆς ἀφορμὰς αὐτῶν.
◆◆◆◆◆◆◆◆◆◆◆◆◆◆◆◆◆◆
ΕΠΙΤΥΧΙΑ 22 ΕΤΩΝ
ΥΓΡΟΝ ΑΝΤΙΒΑΕΝΝΟΡΡΟΪΚΟΝ
ΕΠΙΠΤΩΣΙΝ
Ἐντὸς 24 ὡρῶν δρ. 80 χλ.
Ἀσφαλὴς καὶ ταχεῖα θεραπεία ἐν τῇ φαρμακεία τῆς ὁδοῦ
ΕΠΙΤΥΧΙΑ 100 ΤΟΙΣ 100
Εὔδολα ἰατρὸς καὶ ὁ ἐξετρέπει δὲ- ραπεύει ἐγγυημένα εἰς τὸ φαρμακεῖον τῆς ὁδοῦ Σταδίου.
Ν. ΒΑΚΤΑΛΟΠΟΥΛΟΥ
ΓΩΝΙΑ ΣΟΛΩΝΟΣ - ΙΠΠΟΚΡΑΤΟΥΣ
Ἀποθήκη ΑΠΟΜΙΜΗΣΕΙΣ
ΜΙΑ ΑΛΗΘΕΙΑ
Τὰ πανσὲς εἶδους καλλιτεχνικὸς φωτο- γραφικαὶ ἐργασίαι ἀντὶ τιμῶν ἀσυναγωνίστων ἐκτελοῦνται εἰς τὸ Εὐρωπαϊκῆς καλ- λιτεχνίας Φρόντα σας ἀκριβῶς μὲ μόνον 12 δραχμάς.
Ἐκ τοῦ φωτογραφείου
τῆς κ. Μαρίας Οἰκονόμου-Κοσμᾶκη
199 Ἑρμοῦ 199
Εἶχεν ἤδη παρέλθει-ἀρκετὴ ὥρα, ἀφ᾽ ὅ- του οἱ ἀνεπολεκτοί· εἶχον συνεδηρώθη ἐνώ- νονται, καὶ-συνετέλεΐ εἰς τὸν τροπην κατὰ-τοῦ τοῖον, τὸ-ἐκφεῦγον-ταν μόλις, εἰς τὰ ἀνεκ- τέον ἐργων καὶ-τοῦς ἑαυτὰ-τὰ τέλεις τῆς ἀφορμὰς αὐτῶν.
Μετὰ πίνετε λεπτὰ ἀφ᾽ ὅτου ὁ ἀρχηγὸς τοῦ αἰχμαλωτίζοντος ἔλεγε ὀδευθῇ εἰς τὴν ὀ- λιγοκάτης, τὴν ὁποίαν ἑλαίον οἱ Ἰωάννιν-γαρ- υαλάμμον, ἡ τροίὰ κυρὴ ἠράστησεν ἔξετρα ἐκσίνους, οἱ ὀποῖοι τὴν παρατηροῦσαν·
— Κύριοι: σᾶς παρακαλῶ σὰς, εἰπὲ ἐσὴν Σκαπέτα, σὰ-μπαλάς ἔχουν ἐξαίσιος !
Ἡ πολύμηνος ἐπιπροσθεῖσα ἀπὸ-τὸν βου- λευτῶν πρότασις ἀπέρριψεν, ἐν μέρει τὸν λό- γον τῆς ἀμέσου δημοσιεύσεως· ὑπὲρ τῆς ἐν- νοίας τῶν παρατάξεων τὸ ψῆφος. Ἐκ τούτου ὅμως ὁ πρωθυπουργὸς ἐπέμενεν εἰς τὴν ἀπό- φασιν τῆς κυβερνήσεως.
Ἡ ἀγροτικὴ ἀπεργία ἐν τῷ διαμερίσματι τῆς Φεροῦσας ἐπεκτάθη μετὰ βιαιότητος. Αἱ πρὸς συνεννόησιν γενόμεναι προσπάθειαι ἀπέ- τυχον. Οἱ ἀπεργοὶ ἐνεργοῦσιν, ὥστε μηδεὶς νὰ ἐργάζεται εἰς τὰς παραχωρόμεν με ὀρισι- νὴν τῶν προκαλοῦντο· νὰ ἐπιπολὴ γνωρίζωσι νὰ ἐργάζωνται καὶ νὰ κηρυσσόμενα ἀλεύ- ρια ἐν τοῖς γεωργικοῖς συλλόγοις.
— Τὰ μπροστά, τὴν ἔκαμα-τριβλιδ! εἰπὲν ὁ Φαρμακερ. Μὲ τὴν φῶν᾽ εἶνε τοιούτου -τέ- στομας, μηδὲ νακεῖς ·νὰ πηράτε τὴν ὁρὰ ἐκεῖνο.
ΤΡΑΠΕΖΑ ΑΘΗΝΩΝ
ΚΕΦΑΛΑΙΟΝ ΚΑΤΑΒΕΒΛΗΜΕΝΟΝ ΕΙΣ ΜΕΤΟΧΑΣ ΚΑΙ ΑΠΟΘΕΜΑΤΙΚΟΝ
ΔΡ. 50.000.000
Τὸ κεφάλαιον καὶ αἱ καταθέσεις ἐξ ἰδιογράφων χρημάτων, καὶ ἀποθεματικῶν ἐν γένει ἀνήρχοντο τὸν Αὔγουστον 1906 εἰς δρχ. 260.000.000
ΕΔΡΑ ΕΝ ΑΘΗΝΑΙΣ
ΥΠΟΚΑΤΑΣΤΗΜΑΤΑ:	Ἐν Λονδίνῳ, Ἀλεξανδρείᾳ, Καΐρῳ, Κωνσταντινουπόλει (ἐν Γαλατᾷ καὶ Σταμπούλ), Θεσσαλονίκῃ, Σμύρνῃ, Πατρῶν, Λαρίσσῃ, Πάτραις, Βόλῳ, Σύρῳ, Καλάμαις, Χανίοις καὶ Ἡρακλείῳ Κρήτης
ΤΗΛΕΓΡΑΦΙΚΗ ΔΙΕΥΘΥΝΣΙΣ «ΑΘΗΝΑΪΚΗ»
Ἡ Τράπεζα Ἀθηνῶν ἐκτελεῖ πᾶσαν Τραπεζιτικὴν ἐργασίαν, ἤτοι : Προκαταβολὰς ἐπὶ ἐμπορευμάτων, χρεωγράφων καὶ τιμαλφῶν. Προεξοφλήσεις συναλλαγματικῶν καὶ γραμματίων. Ἐκδίδει ἐπιταγὰς (checks) καὶ πιστωτικὰς ἐπιστολὰς πληρωτέας εἰς ὅλας τὰς πόλεις τοῦ ἐξωτερικοῦ. Ἐκτελεῖ ἐντολὰς ἀγορᾶς καὶ πωλήσεως χρεωγράφων. Ἐνεργεῖ εἰσπράξεις συναλλαγματικῶν καὶ φορτωτικῶν. Ἀνοίγει τρεχούμενους λογαριασμούς.
ΤΑΜΙΕΥΤΗΡΙΟΝ
Ἡ Διεύθυνσις τῆς Τραπέζης Ἀθηνῶν τῆς ἀποτελουμένης προσθέσει τόκου καὶ παρὰ τὰ ἄλλα Ταμιευτήρια κεφαλαίοις, ἀποδεκτὰς εἰς πρώτην ζήτησιν, παρέχουσα ἀσφαλείας τῶν καταθέσεων καὶ ἄμεσον πληρωμὴν τῶν τελευταίων τόκων.
ΤΜΗΜΑ ΚΑΤΑΘΕΣΕΩΝ
Η ΤΡΑΠΕΖΑ δέχεται καταθέσεις εἰς χρυσόν, εἰς ἐπιταγὰς (cheque) ἐπὶ τοῦ ἐξωτερικοῦ καὶ εἰς δραχμὰς ὡς ἑξῆς :
Διὰ καταθέσεις ἀποδοτέας εἰς πρώτην ζήτησιν
μετὰ 15 μῆνας	3 0|0
μετὰ 6 μῆνας	3 1|2 0|0
μετὰ 1 ἔτος	4 0|0
μετὰ 2 ἔτη	4 1|2 0|0
Αἱ εἰς χρυσὸν καταθέσεις εἰς ὄψιν τοκίζονται πρὸς 1 ο|ο. Δέχεται ἐπίσης καταθέσεις εἰς χρυσόν (cheque) λονδίνου καὶ εἰς δραχμὰς ἐπὶ τῷ τόκῳ 3 ο|ο εἰς τὸ ἐξωτερικὸν ἀνταποκριτὰς τῆς. Οἱ ὀφειλόμενοι τόκοι πληρώνονται καθ᾽ ἑξαμηνίαν κατὰ τὴν 1 Ἰανουαρίου καὶ ἀπὸ τῆς 1ης Ἰουλίου ἑκάστου ἔτους.
ΤΜΗΜΑ ΤΙΤΛΩΝ
Ἡ Τράπεζα δέχεται καταθέσεις χρεωγράφων πρὸς φύλαξιν ἐπὶ δικαιώματι 1|4 ο|ο κατ᾽ ἔτος, ἐλάχιστον δικαίωμα δρ. 2 κατ᾽ ἐξάμηνον. Ἐνεργεῖ ἐπίσης ἀγορὰς καὶ πωλήσεις χρεωγράφων δι᾽ λογαριασμὸν τῶν πελατῶν της. Ἐνεργεῖ δωρεὰν τὴν εἴσπραξιν τῶν τοκομεριδίων καὶ τῶν κληρωθέντων τίτλων.
Ἐκ τῆς Γενικῆς Διευθύνσεως
